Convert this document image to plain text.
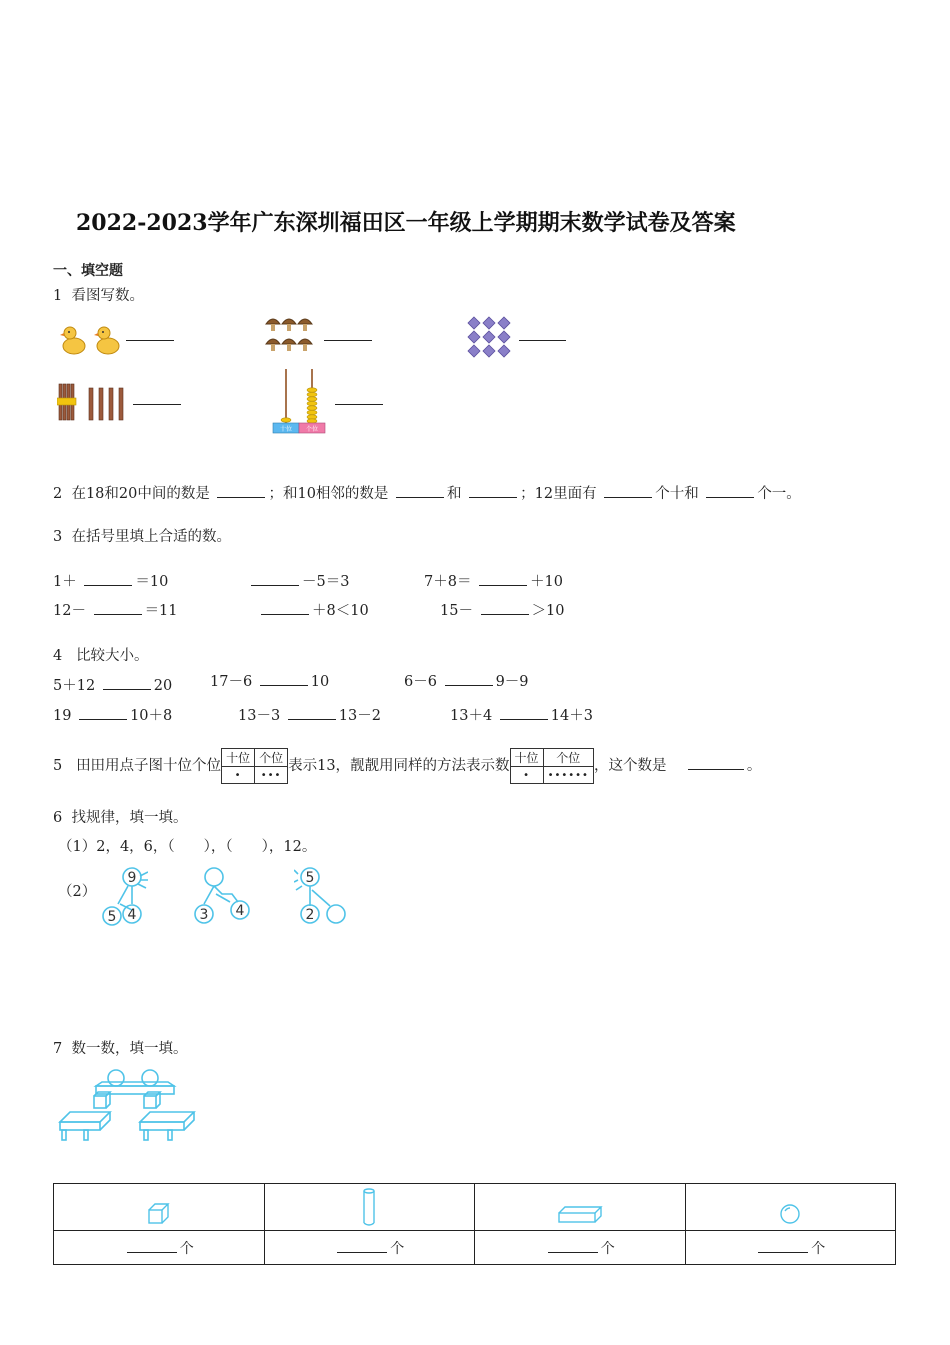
2022-2023学年广东深圳福田区一年级上学期期末数学试卷及答案
一、填空题
1 看图写数。
十位 个位
2 在18和20中间的数是	；和10相邻的数是	和	；12里面有	个十和	个一。
3 在括号里填上合适的数。
1＋	＝10	－5＝3	7＋8＝	＋10
12－	＝11	＋8＜10	15－	＞10
4 比较大小。
5＋12	20	17－6	10	6－6	9－9
19	10＋8	13－3	13－2	13＋4	14＋3
5 田田用点子图十位个位 十位	个位
•	•••表示13，靓靓用同样的方法表示数 十位	个位
•	••••••，这个数是	。
6 找规律，填一填。
（1）2，4，6，（　　），（　　），12。
（2）
9
5 4	3 4
5
2
7 数一数，填一填。

个	个	个	个
